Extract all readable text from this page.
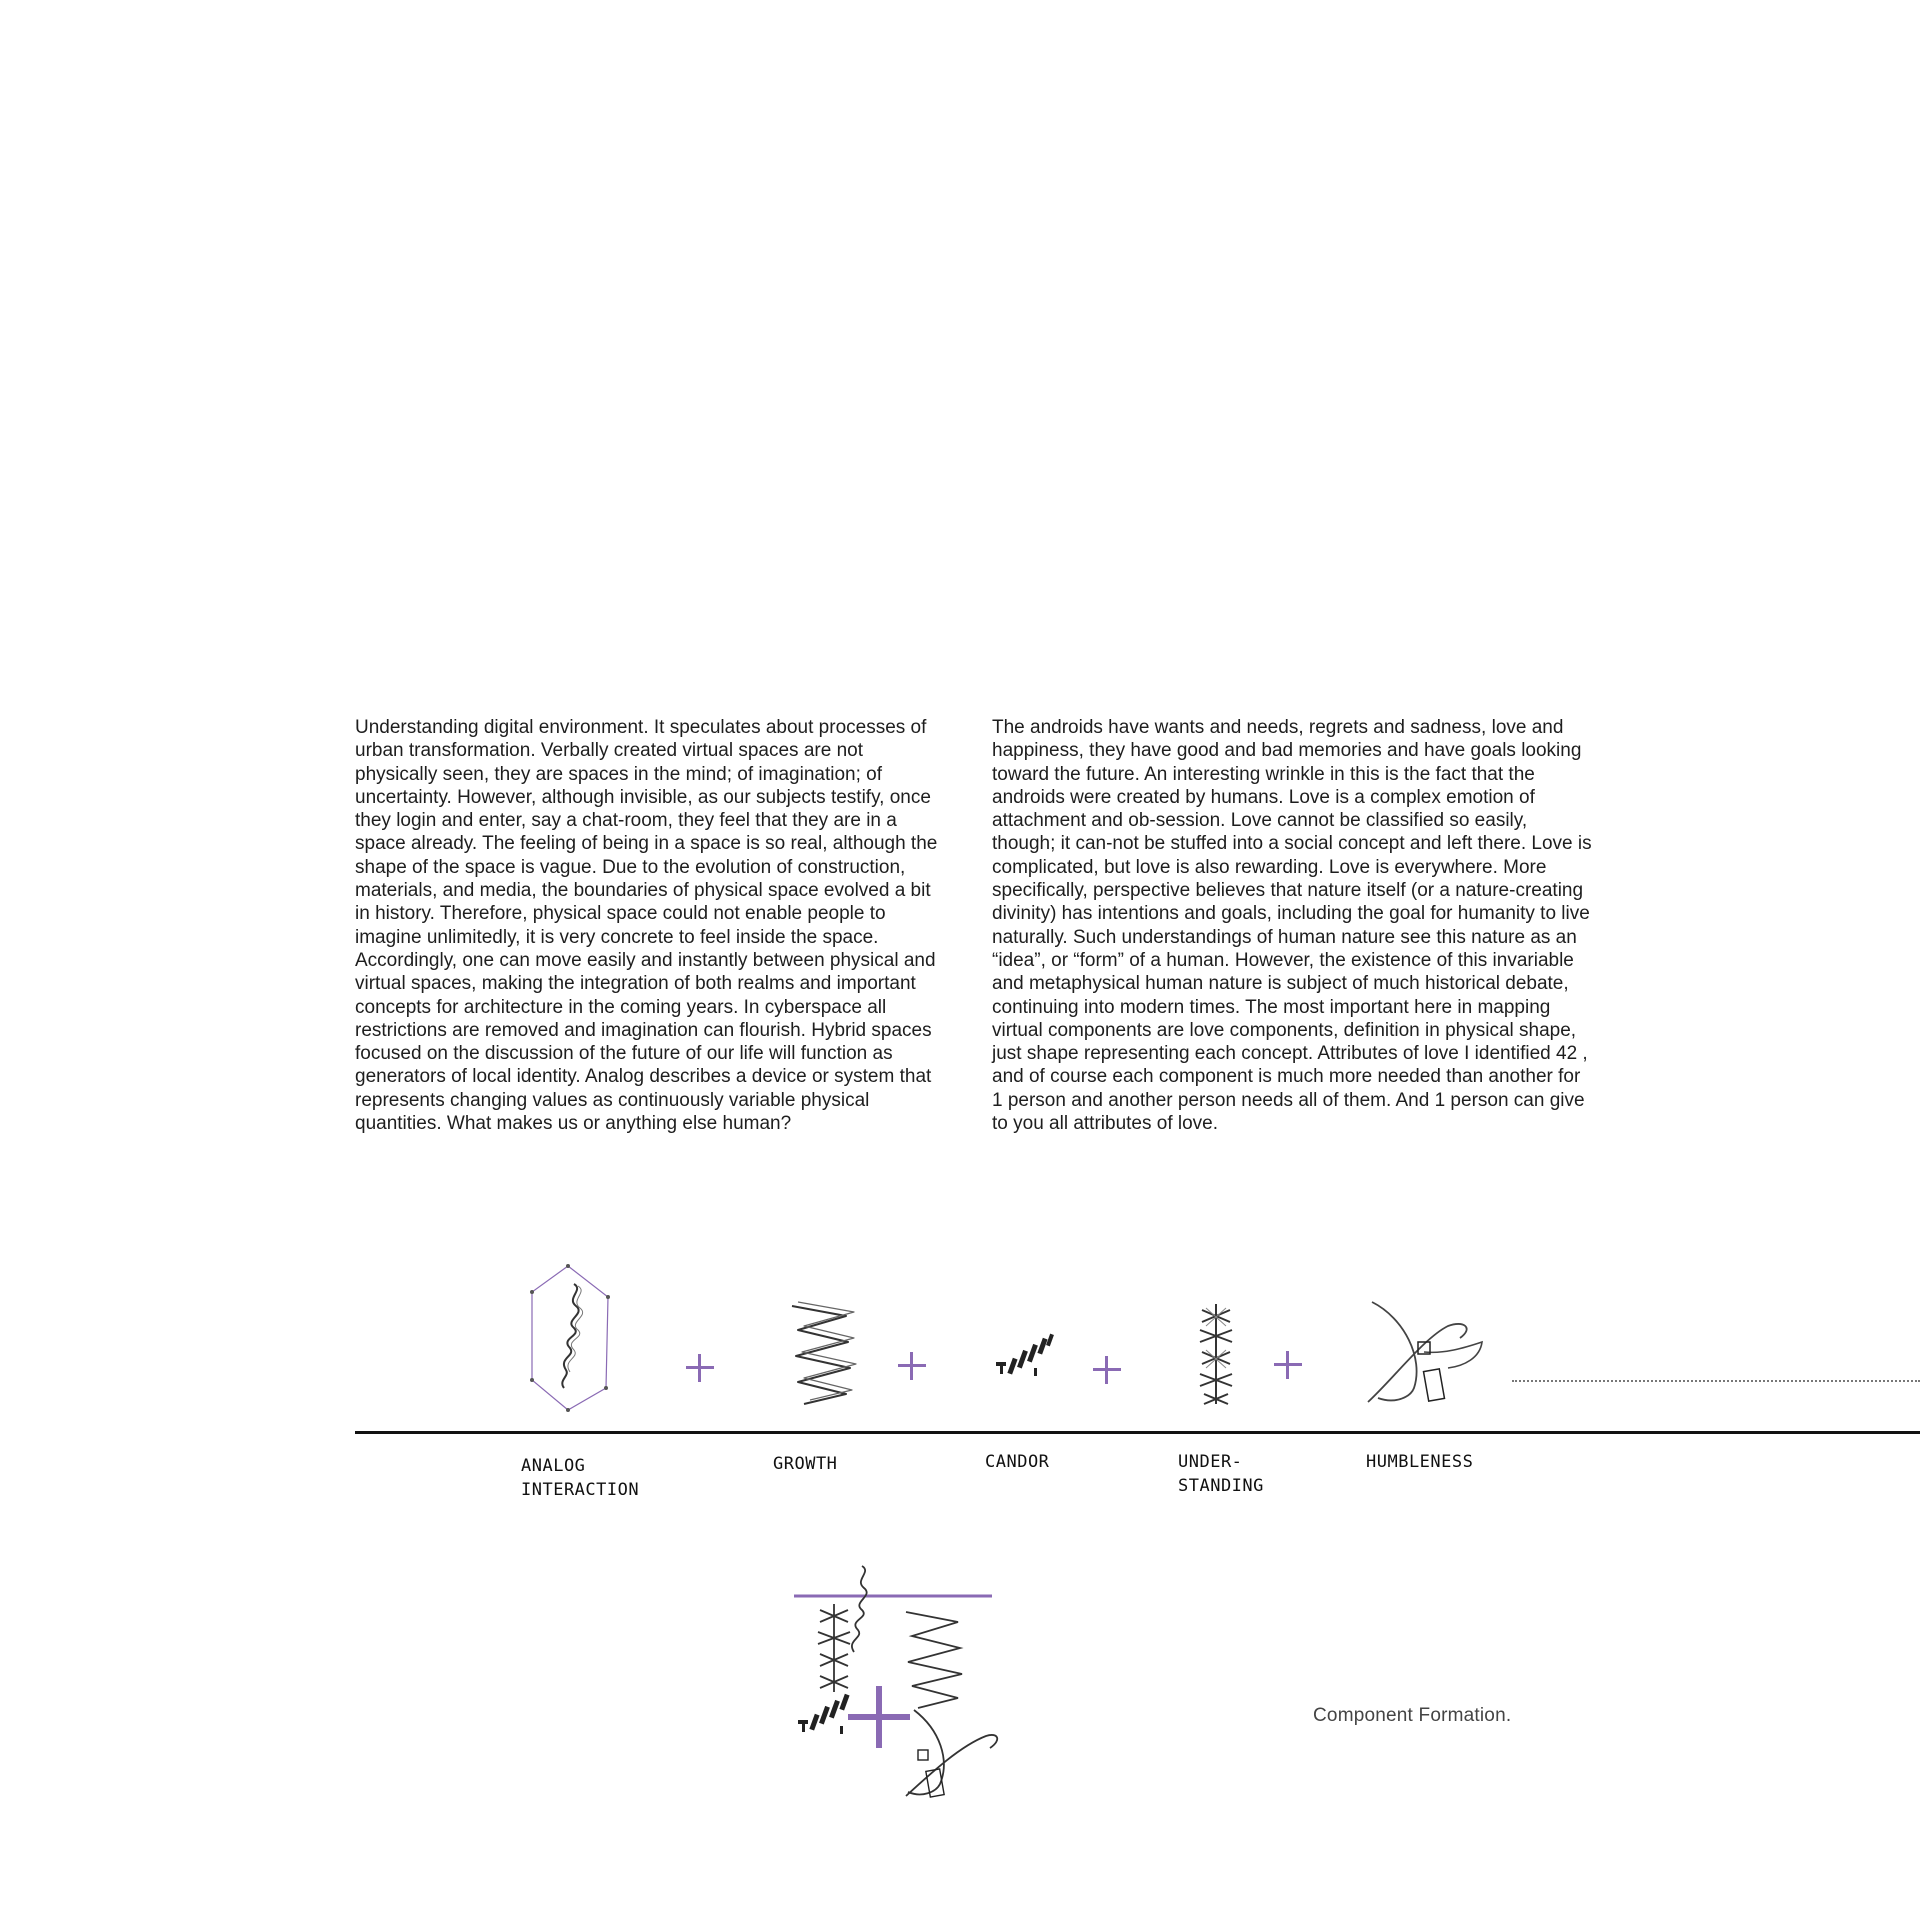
Understanding digital environment. It speculates about processes of urban transformation. Verbally created virtual spaces are not physically seen, they are spaces in the mind; of imagination; of uncertainty. However, although invisible, as our subjects testify, once they login and enter, say a chat-room, they feel that they are in a space already. The feeling of being in a space is so real, although the shape of the space is vague. Due to the evolution of construction, materials, and media, the boundaries of physical space evolved a bit in history. Therefore, physical space could not enable people to imagine unlimitedly, it is very concrete to feel inside the space. Accordingly, one can move easily and instantly between physical and virtual spaces, making the integration of both realms and important concepts for architecture in the coming years. In cyberspace all restrictions are removed and imagination can flourish. Hybrid spaces focused on the discussion of the future of our life will function as generators of local identity. Analog describes a device or system that represents changing values as continuously variable physical quantities. What makes us or anything else human?

The androids have wants and needs, regrets and sadness, love and happiness, they have good and bad memories and have goals looking toward the future. An interesting wrinkle in this is the fact that the androids were created by humans. Love is a complex emotion of attachment and ob-session. Love cannot be classified so easily, though; it can-not be stuffed into a social concept and left there. Love is complicated, but love is also rewarding. Love is everywhere. More specifically, perspective believes that nature itself (or a nature-creating divinity) has intentions and goals, including the goal for humanity to live naturally. Such understandings of human nature see this nature as an “idea”, or “form” of a human. However, the existence of this invariable and metaphysical human nature is subject of much historical debate, continuing into modern times. The most important here in mapping virtual components are love components, definition in physical shape, just shape representing each concept. Attributes of love I identified 42 , and of course each component is much more needed than another for 1 person and another person needs all of them. And 1 person can give to you all attributes of love.

ANALOG
INTERACTION
GROWTH	CANDOR	UNDER-
STANDING
HUMBLENESS
Component Formation.
